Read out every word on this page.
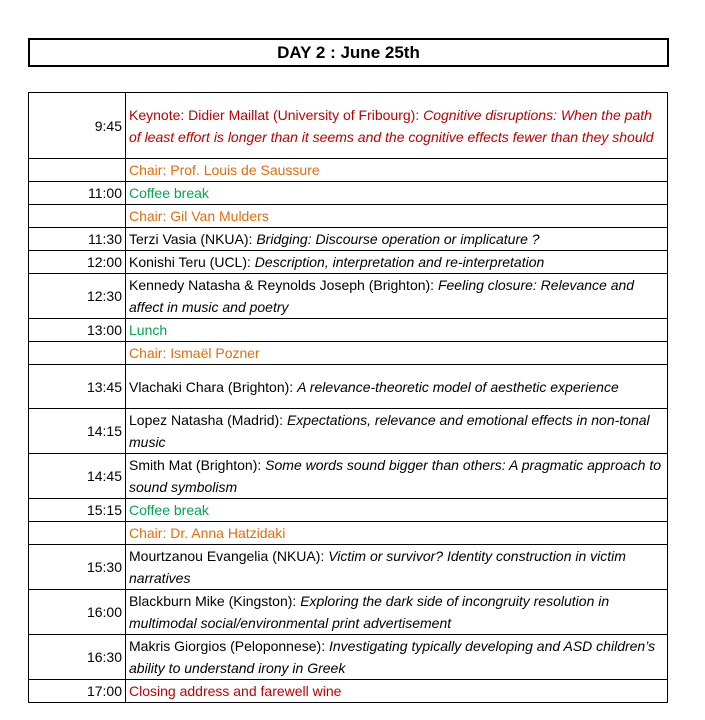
DAY 2 : June 25th
9:45	Keynote: Didier Maillat (University of Fribourg): Cognitive disruptions: When the path of least effort is longer than it seems and the cognitive effects fewer than they should
	Chair: Prof. Louis de Saussure
11:00	Coffee break
	Chair: Gil Van Mulders
11:30	Terzi Vasia (NKUA): Bridging: Discourse operation or implicature ?
12:00	Konishi Teru (UCL): Description, interpretation and re-interpretation
12:30	Kennedy Natasha & Reynolds Joseph (Brighton): Feeling closure: Relevance and affect in music and poetry
13:00	Lunch
	Chair: Ismaël Pozner
13:45	Vlachaki Chara (Brighton): A relevance-theoretic model of aesthetic experience
14:15	Lopez Natasha (Madrid): Expectations, relevance and emotional effects in non-tonal music
14:45	Smith Mat (Brighton): Some words sound bigger than others: A pragmatic approach to sound symbolism
15:15	Coffee break
	Chair: Dr. Anna Hatzidaki
15:30	Mourtzanou Evangelia (NKUA): Victim or survivor? Identity construction in victim narratives
16:00	Blackburn Mike (Kingston): Exploring the dark side of incongruity resolution in multimodal social/environmental print advertisement
16:30	Makris Giorgios (Peloponnese): Investigating typically developing and ASD children’s ability to understand irony in Greek
17:00	Closing address and farewell wine
